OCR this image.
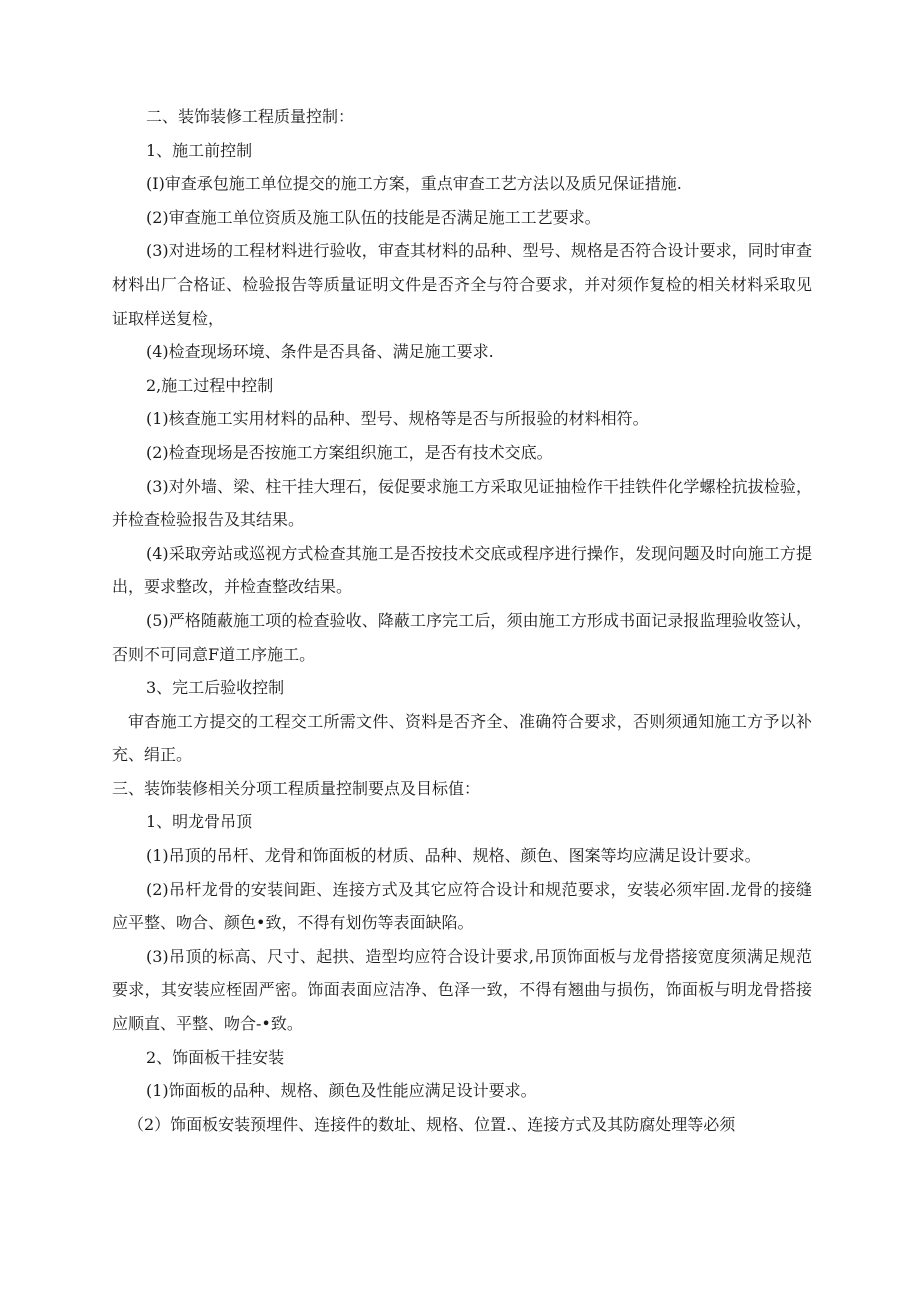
二、装饰装修工程质量控制：

1、施工前控制

(I)审查承包施工单位提交的施工方案，重点审查工艺方法以及质兄保证措施.

(2)审查施工单位资质及施工队伍的技能是否满足施工工艺要求。

(3)对进场的工程材料进行验收，审查其材料的品种、型号、规格是否符合设计要求，同时审查材料出厂合格证、检验报告等质量证明文件是否齐全与符合要求，并对须作复检的相关材料采取见证取样送复检，

(4)检查现场环境、条件是否具备、满足施工要求.

2,施工过程中控制

(1)核查施工实用材料的品种、型号、规格等是否与所报验的材料相符。

(2)检查现场是否按施工方案组织施工，是否有技术交底。

(3)对外墙、梁、柱干挂大理石，佞促要求施工方采取见证抽检作干挂铁件化学螺栓抗拔检验，并检查检验报告及其结果。

(4)采取旁站或巡视方式检查其施工是否按技术交底或程序进行操作，发现问题及时向施工方提出，要求整改，并检查整改结果。

(5)严格随蔽施工项的检查验收、降蔽工序完工后，须由施工方形成书面记录报监理验收签认，否则不可同意F道工序施工。

3、完工后验收控制

审杳施工方提交的工程交工所需文件、资料是否齐全、准确符合要求，否则须通知施工方予以补充、绢正。

三、装饰装修相关分项工程质量控制要点及目标值：

1、明龙骨吊顶

(1)吊顶的吊杆、龙骨和饰面板的材质、品种、规格、颜色、图案等均应满足设计要求。

(2)吊杆龙骨的安装间距、连接方式及其它应符合设计和规范要求，安装必须牢固.龙骨的接缝应平整、吻合、颜色•致，不得有划伤等表面缺陷。

(3)吊顶的标高、尺寸、起拱、造型均应符合设计要求,吊顶饰面板与龙骨搭接宽度须满足规范要求，其安装应桎固严密。饰面表面应洁净、色泽一致，不得有翘曲与损伤，饰面板与明龙骨搭接应顺直、平整、吻合-•致。

2、饰面板干挂安装

(1)饰面板的品种、规格、颜色及性能应满足设计要求。

（2）饰面板安装预埋件、连接件的数址、规格、位置.、连接方式及其防腐处理等必须
